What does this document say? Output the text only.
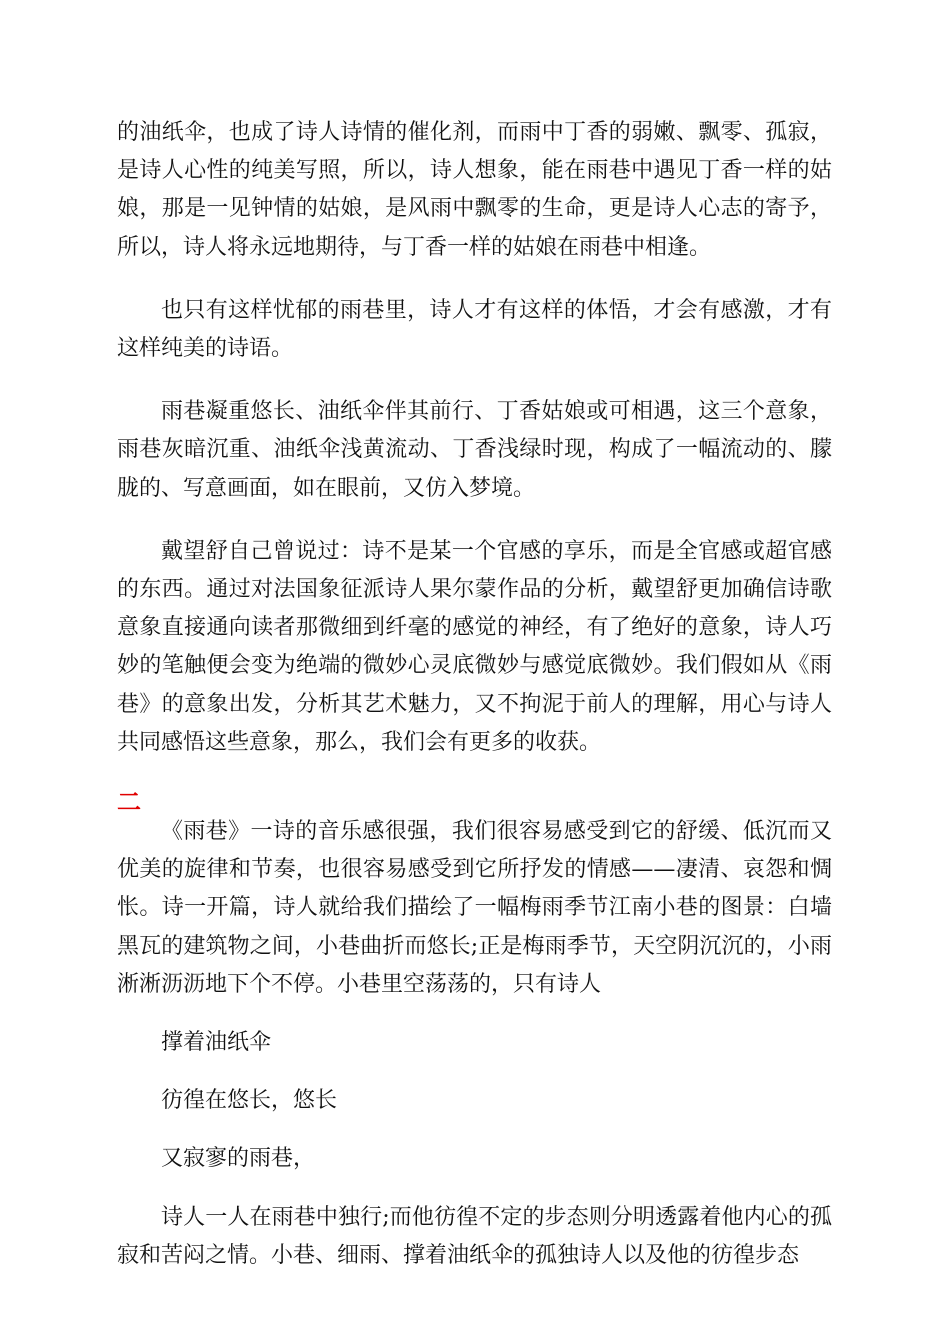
的油纸伞，也成了诗人诗情的催化剂，而雨中丁香的弱嫩、飘零、孤寂，是诗人心性的纯美写照，所以，诗人想象，能在雨巷中遇见丁香一样的姑娘，那是一见钟情的姑娘，是风雨中飘零的生命，更是诗人心志的寄予，所以，诗人将永远地期待，与丁香一样的姑娘在雨巷中相逢。

也只有这样忧郁的雨巷里，诗人才有这样的体悟，才会有感激，才有这样纯美的诗语。

雨巷凝重悠长、油纸伞伴其前行、丁香姑娘或可相遇，这三个意象，雨巷灰暗沉重、油纸伞浅黄流动、丁香浅绿时现，构成了一幅流动的、朦胧的、写意画面，如在眼前，又仿入梦境。

戴望舒自己曾说过：诗不是某一个官感的享乐，而是全官感或超官感的东西。通过对法国象征派诗人果尔蒙作品的分析，戴望舒更加确信诗歌意象直接通向读者那微细到纤毫的感觉的神经，有了绝好的意象，诗人巧妙的笔触便会变为绝端的微妙心灵底微妙与感觉底微妙。我们假如从《雨巷》的意象出发，分析其艺术魅力，又不拘泥于前人的理解，用心与诗人共同感悟这些意象，那么，我们会有更多的收获。

二

《雨巷》一诗的音乐感很强，我们很容易感受到它的舒缓、低沉而又优美的旋律和节奏，也很容易感受到它所抒发的情感——凄清、哀怨和惆怅。诗一开篇，诗人就给我们描绘了一幅梅雨季节江南小巷的图景：白墙黑瓦的建筑物之间，小巷曲折而悠长;正是梅雨季节，天空阴沉沉的，小雨淅淅沥沥地下个不停。小巷里空荡荡的，只有诗人

撑着油纸伞

彷徨在悠长，悠长

又寂寥的雨巷，

诗人一人在雨巷中独行;而他彷徨不定的步态则分明透露着他内心的孤寂和苦闷之情。小巷、细雨、撑着油纸伞的孤独诗人以及他的彷徨步态
